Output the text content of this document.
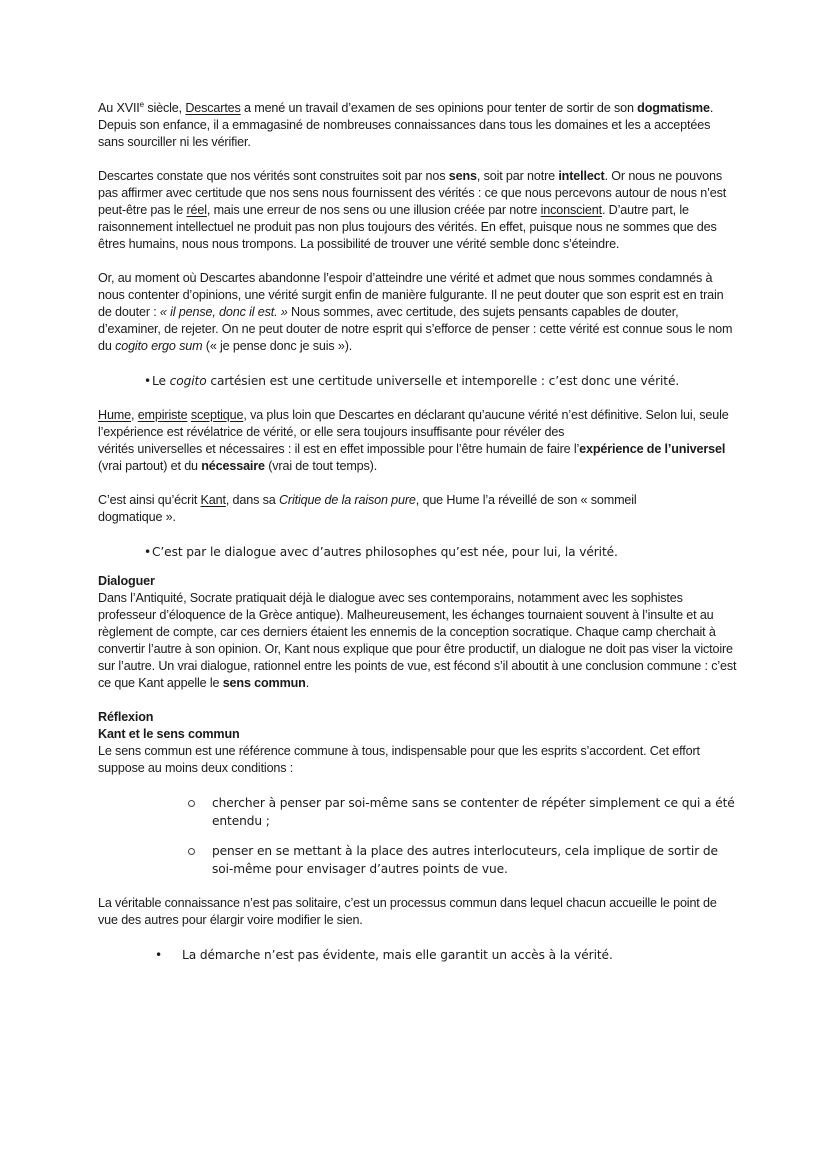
Au XVIIe siècle, Descartes a mené un travail d’examen de ses opinions pour tenter de sortir de son dogmatisme. Depuis son enfance, il a emmagasiné de nombreuses connaissances dans tous les domaines et les a acceptées sans sourciller ni les vérifier.

Descartes constate que nos vérités sont construites soit par nos sens, soit par notre intellect. Or nous ne pouvons pas affirmer avec certitude que nos sens nous fournissent des vérités : ce que nous percevons autour de nous n’est peut-être pas le réel, mais une erreur de nos sens ou une illusion créée par notre inconscient. D’autre part, le raisonnement intellectuel ne produit pas non plus toujours des vérités. En effet, puisque nous ne sommes que des êtres humains, nous nous trompons. La possibilité de trouver une vérité semble donc s’éteindre.

Or, au moment où Descartes abandonne l’espoir d’atteindre une vérité et admet que nous sommes condamnés à nous contenter d’opinions, une vérité surgit enfin de manière fulgurante. Il ne peut douter que son esprit est en train de douter : « il pense, donc il est. » Nous sommes, avec certitude, des sujets pensants capables de douter, d’examiner, de rejeter. On ne peut douter de notre esprit qui s’efforce de penser : cette vérité est connue sous le nom du cogito ergo sum (« je pense donc je suis »).

• Le cogito cartésien est une certitude universelle et intemporelle : c’est donc une vérité.

Hume, empiriste sceptique, va plus loin que Descartes en déclarant qu’aucune vérité n’est définitive. Selon lui, seule l’expérience est révélatrice de vérité, or elle sera toujours insuffisante pour révéler des
vérités universelles et nécessaires : il est en effet impossible pour l’être humain de faire l’expérience de l’universel (vrai partout) et du nécessaire (vrai de tout temps).

C’est ainsi qu’écrit Kant, dans sa Critique de la raison pure, que Hume l’a réveillé de son « sommeil dogmatique ».

• C’est par le dialogue avec d’autres philosophes qu’est née, pour lui, la vérité.

Dialoguer

Dans l’Antiquité, Socrate pratiquait déjà le dialogue avec ses contemporains, notamment avec les sophistes professeur d’éloquence de la Grèce antique). Malheureusement, les échanges tournaient souvent à l’insulte et au règlement de compte, car ces derniers étaient les ennemis de la conception socratique. Chaque camp cherchait à convertir l’autre à son opinion. Or, Kant nous explique que pour être productif, un dialogue ne doit pas viser la victoire sur l’autre. Un vrai dialogue, rationnel entre les points de vue, est fécond s’il aboutit à une conclusion commune : c’est ce que Kant appelle le sens commun.

Réflexion

Kant et le sens commun

Le sens commun est une référence commune à tous, indispensable pour que les esprits s’accordent. Cet effort suppose au moins deux conditions :

chercher à penser par soi-même sans se contenter de répéter simplement ce qui a été entendu ;
penser en se mettant à la place des autres interlocuteurs, cela implique de sortir de soi-même pour envisager d’autres points de vue.

La véritable connaissance n’est pas solitaire, c’est un processus commun dans lequel chacun accueille le point de vue des autres pour élargir voire modifier le sien.

• La démarche n’est pas évidente, mais elle garantit un accès à la vérité.
